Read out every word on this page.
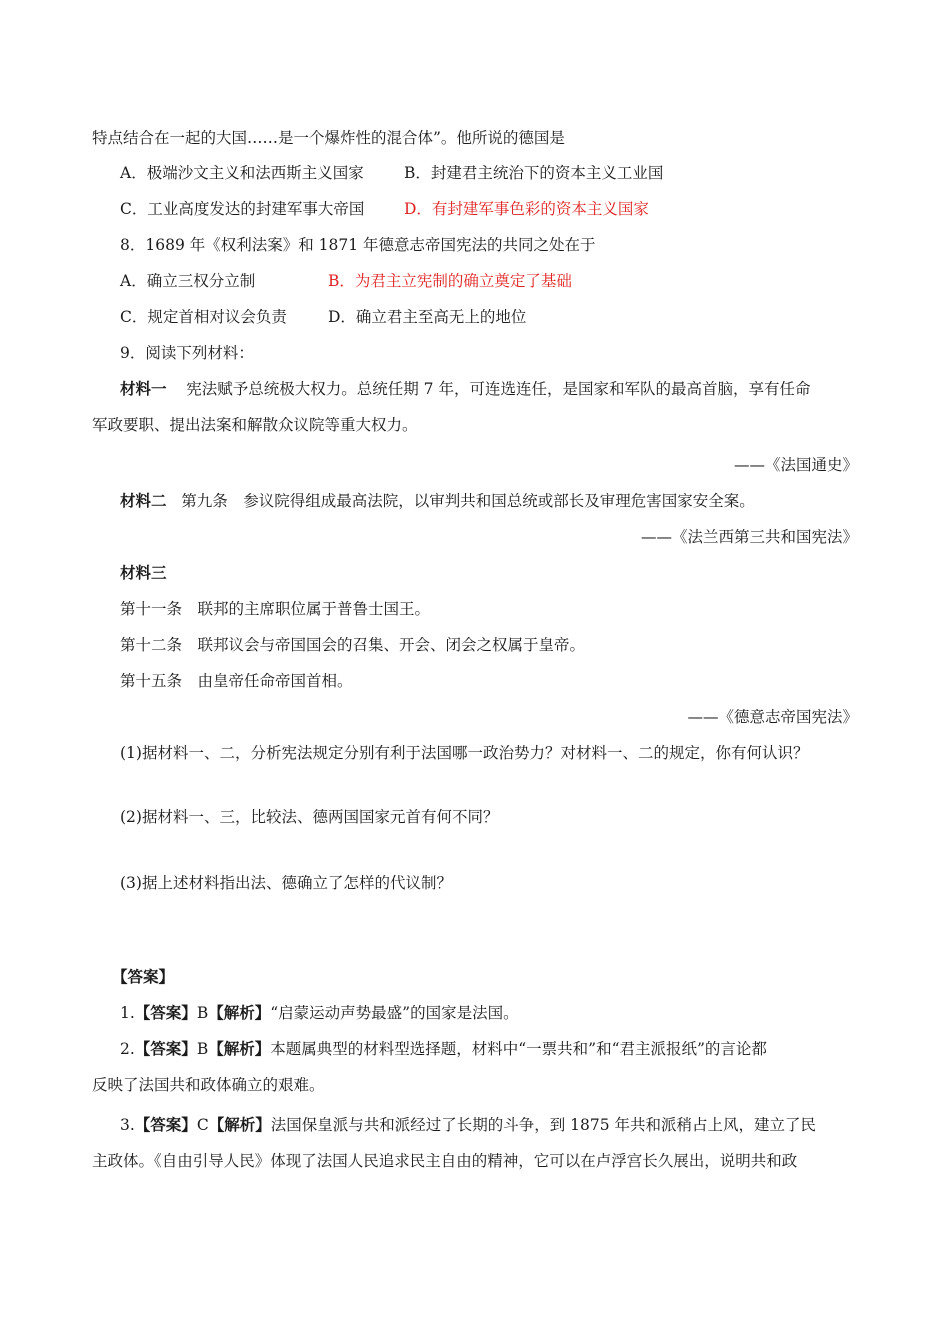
特点结合在一起的大国……是一个爆炸性的混合体”。他所说的德国是
A．极端沙文主义和法西斯主义国家	B．封建君主统治下的资本主义工业国
C．工业高度发达的封建军事大帝国	D．有封建军事色彩的资本主义国家
8．1689 年《权利法案》和 1871 年德意志帝国宪法的共同之处在于
A．确立三权分立制	B．为君主立宪制的确立奠定了基础
C．规定首相对议会负责	D．确立君主至高无上的地位
9．阅读下列材料：
材料一 宪法赋予总统极大权力。总统任期 7 年，可连选连任，是国家和军队的最高首脑，享有任命
军政要职、提出法案和解散众议院等重大权力。
——《法国通史》
材料二 第九条　参议院得组成最高法院，以审判共和国总统或部长及审理危害国家安全案。
——《法兰西第三共和国宪法》
材料三
第十一条　联邦的主席职位属于普鲁士国王。
第十二条　联邦议会与帝国国会的召集、开会、闭会之权属于皇帝。
第十五条　由皇帝任命帝国首相。
——《德意志帝国宪法》
(1)据材料一、二，分析宪法规定分别有利于法国哪一政治势力？对材料一、二的规定，你有何认识？
(2)据材料一、三，比较法、德两国国家元首有何不同？
(3)据上述材料指出法、德确立了怎样的代议制？
【答案】
1.【答案】B【解析】“启蒙运动声势最盛”的国家是法国。
2.【答案】B【解析】本题属典型的材料型选择题，材料中“一票共和”和“君主派报纸”的言论都
反映了法国共和政体确立的艰难。
3.【答案】C【解析】法国保皇派与共和派经过了长期的斗争，到 1875 年共和派稍占上风，建立了民
主政体。《自由引导人民》体现了法国人民追求民主自由的精神，它可以在卢浮宫长久展出，说明共和政
